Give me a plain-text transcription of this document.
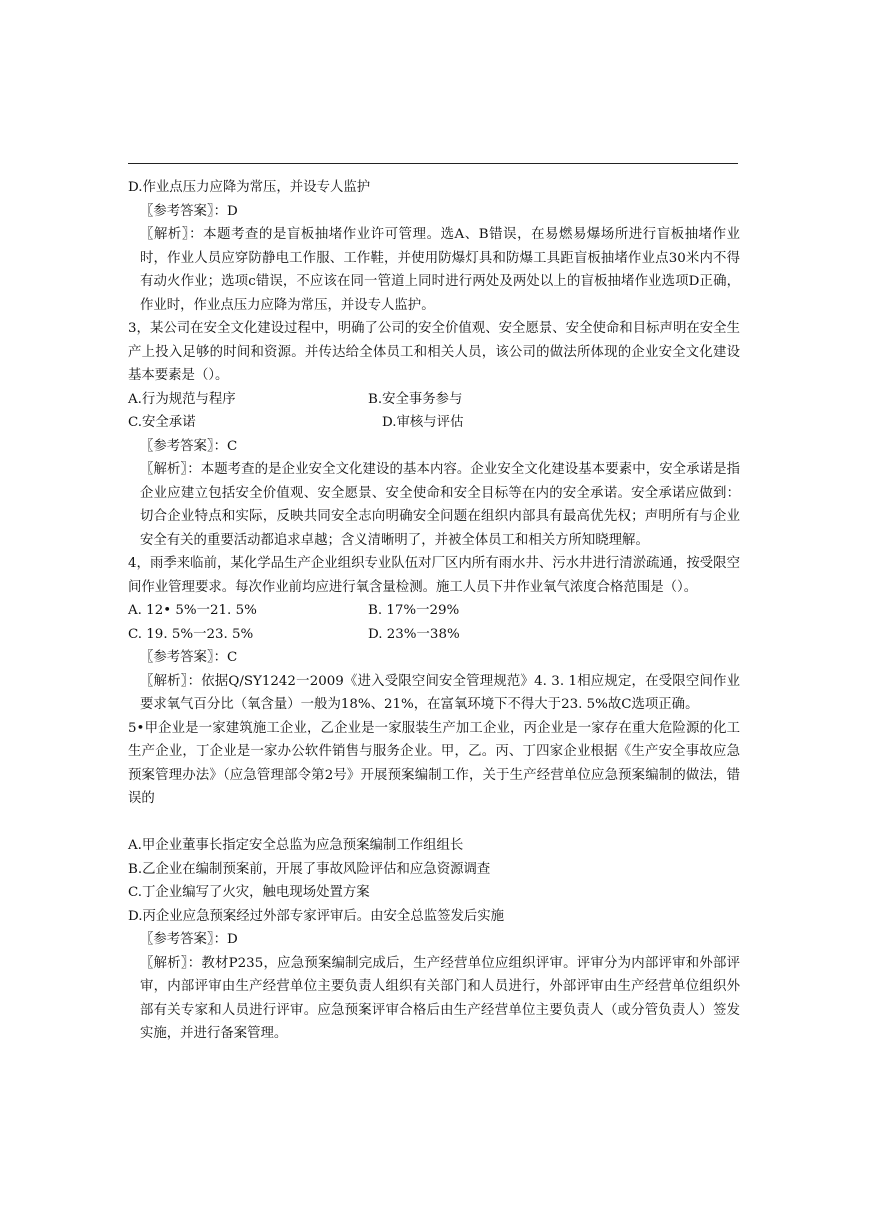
D.作业点压力应降为常压，并设专人监护
〖参考答案〗：D
〖解析〗：本题考查的是盲板抽堵作业许可管理。选A、B错误，在易燃易爆场所进行盲板抽堵作业时，作业人员应穿防静电工作服、工作鞋，并使用防爆灯具和防爆工具距盲板抽堵作业点30米内不得有动火作业；选项c错误，不应该在同一管道上同时进行两处及两处以上的盲板抽堵作业选项D正确，作业时，作业点压力应降为常压，并设专人监护。
3，某公司在安全文化建设过程中，明确了公司的安全价值观、安全愿景、安全使命和目标声明在安全生产上投入足够的时间和资源。并传达给全体员工和相关人员，该公司的做法所体现的企业安全文化建设基本要素是（）。
A.行为规范与程序	B.安全事务参与
C.安全承诺	D.审核与评估
〖参考答案〗：C
〖解析〗：本题考查的是企业安全文化建设的基本内容。企业安全文化建设基本要素中，安全承诺是指企业应建立包括安全价值观、安全愿景、安全使命和安全目标等在内的安全承诺。安全承诺应做到：切合企业特点和实际，反映共同安全志向明确安全问题在组织内部具有最高优先权；声明所有与企业安全有关的重要活动都追求卓越；含义清晰明了，并被全体员工和相关方所知晓理解。
4，雨季来临前，某化学品生产企业组织专业队伍对厂区内所有雨水井、污水井进行清淤疏通，按受限空间作业管理要求。每次作业前均应进行氧含量检测。施工人员下井作业氧气浓度合格范围是（）。
A. 12• 5%一21. 5%	B. 17%一29%
C. 19. 5%一23. 5%	D. 23%一38%
〖参考答案〗：C
〖解析〗：依据Q/SY1242一2009《进入受限空间安全管理规范》4. 3. 1相应规定，在受限空间作业要求氧气百分比（氧含量）一般为18%、21%，在富氧环境下不得大于23. 5%故C选项正确。
5•甲企业是一家建筑施工企业，乙企业是一家服装生产加工企业，丙企业是一家存在重大危险源的化工生产企业，丁企业是一家办公软件销售与服务企业。甲，乙。丙、丁四家企业根据《生产安全事故应急预案管理办法》（应急管理部令第2号》开展预案编制工作，关于生产经营单位应急预案编制的做法，错误的
A.甲企业董事长指定安全总监为应急预案编制工作组组长
B.乙企业在编制预案前，开展了事故风险评估和应急资源调查
C.丁企业编写了火灾，触电现场处置方案
D.丙企业应急预案经过外部专家评审后。由安全总监签发后实施
〖参考答案〗：D
〖解析〗：教材P235，应急预案编制完成后，生产经营单位应组织评审。评审分为内部评审和外部评审，内部评审由生产经营单位主要负责人组织有关部门和人员进行，外部评审由生产经营单位组织外部有关专家和人员进行评审。应急预案评审合格后由生产经营单位主要负责人（或分管负责人）签发实施，并进行备案管理。
